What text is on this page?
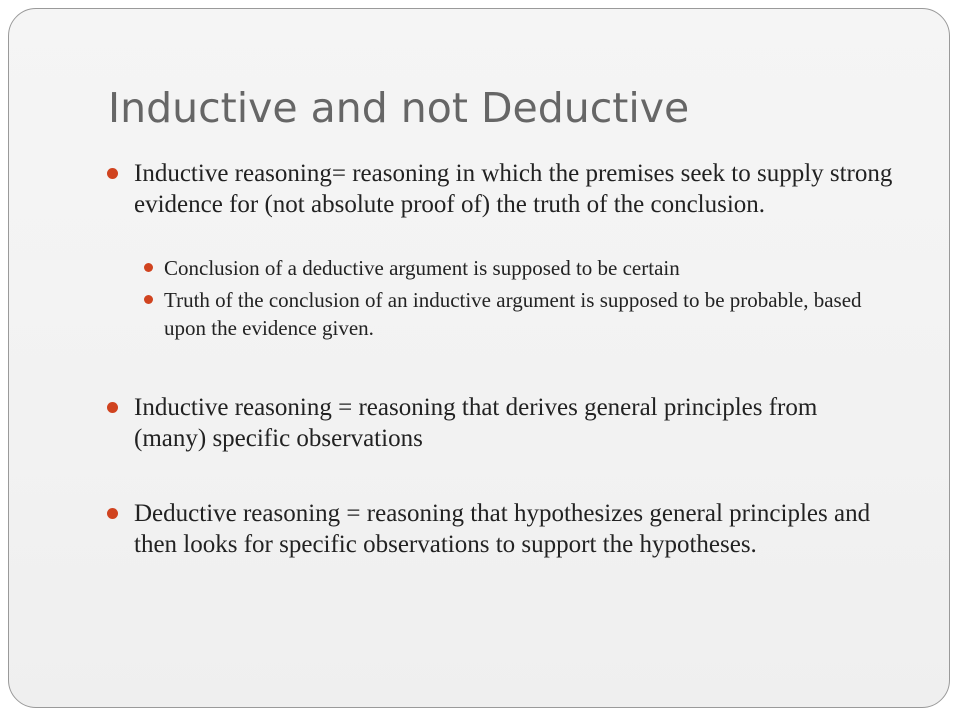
Inductive and not Deductive
Inductive reasoning= reasoning in which the premises seek to supply strong evidence for (not absolute proof of) the truth of the conclusion.
Conclusion of a deductive argument is supposed to be certain
Truth of the conclusion of an inductive argument is supposed to be probable, based upon the evidence given.
Inductive reasoning = reasoning that derives general principles from (many) specific observations
Deductive reasoning = reasoning that hypothesizes general principles and then looks for specific observations to support the hypotheses.
